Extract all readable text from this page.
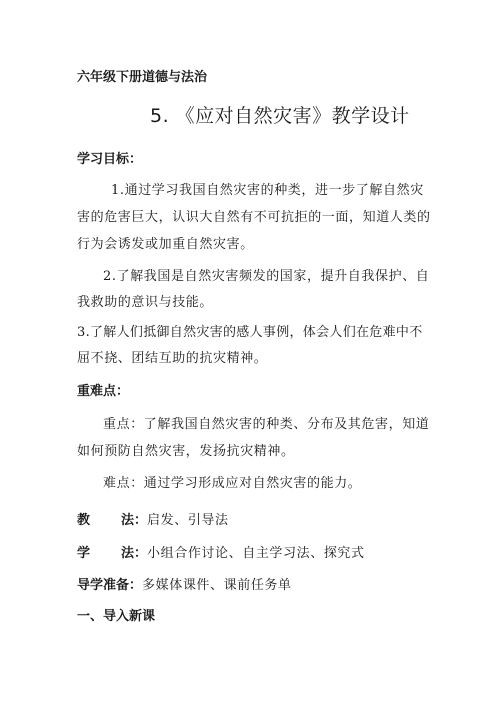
六年级下册道德与法治
5. 《应对自然灾害》教学设计
学习目标：
1.通过学习我国自然灾害的种类，进一步了解自然灾
害的危害巨大，认识大自然有不可抗拒的一面，知道人类的
行为会诱发或加重自然灾害。
2.了解我国是自然灾害频发的国家，提升自我保护、自
我救助的意识与技能。
3.了解人们抵御自然灾害的感人事例，体会人们在危难中不
屈不挠、团结互助的抗灾精神。
重难点：
重点：了解我国自然灾害的种类、分布及其危害，知道
如何预防自然灾害，发扬抗灾精神。
难点：通过学习形成应对自然灾害的能力。
教 法：启发、引导法
学 法：小组合作讨论、自主学习法、探究式
导学准备：多媒体课件、课前任务单
一、导入新课
